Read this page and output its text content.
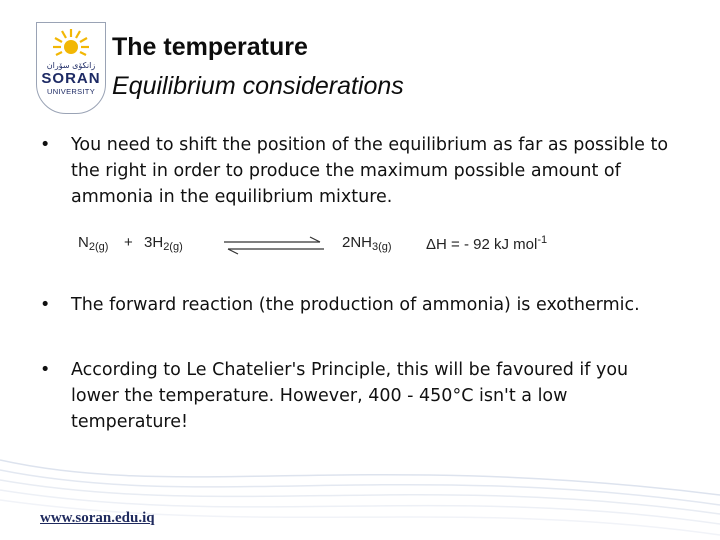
زانكۆی سۆران
SORAN
UNIVERSITY
The temperature
Equilibrium considerations
• You need to shift the position of the equilibrium as far as possible to the right in order to produce the maximum possible amount of ammonia in the equilibrium mixture.
$N_{2(g)} + 3H_{2(g)}$	$2NH_{3(g)}$ ΔH = - 92 kJ mol$^{-1}$
• The forward reaction (the production of ammonia) is exothermic.
• According to Le Chatelier's Principle, this will be favoured if you lower the temperature. However, 400 - 450°C isn't a low temperature!
www.soran.edu.iq
